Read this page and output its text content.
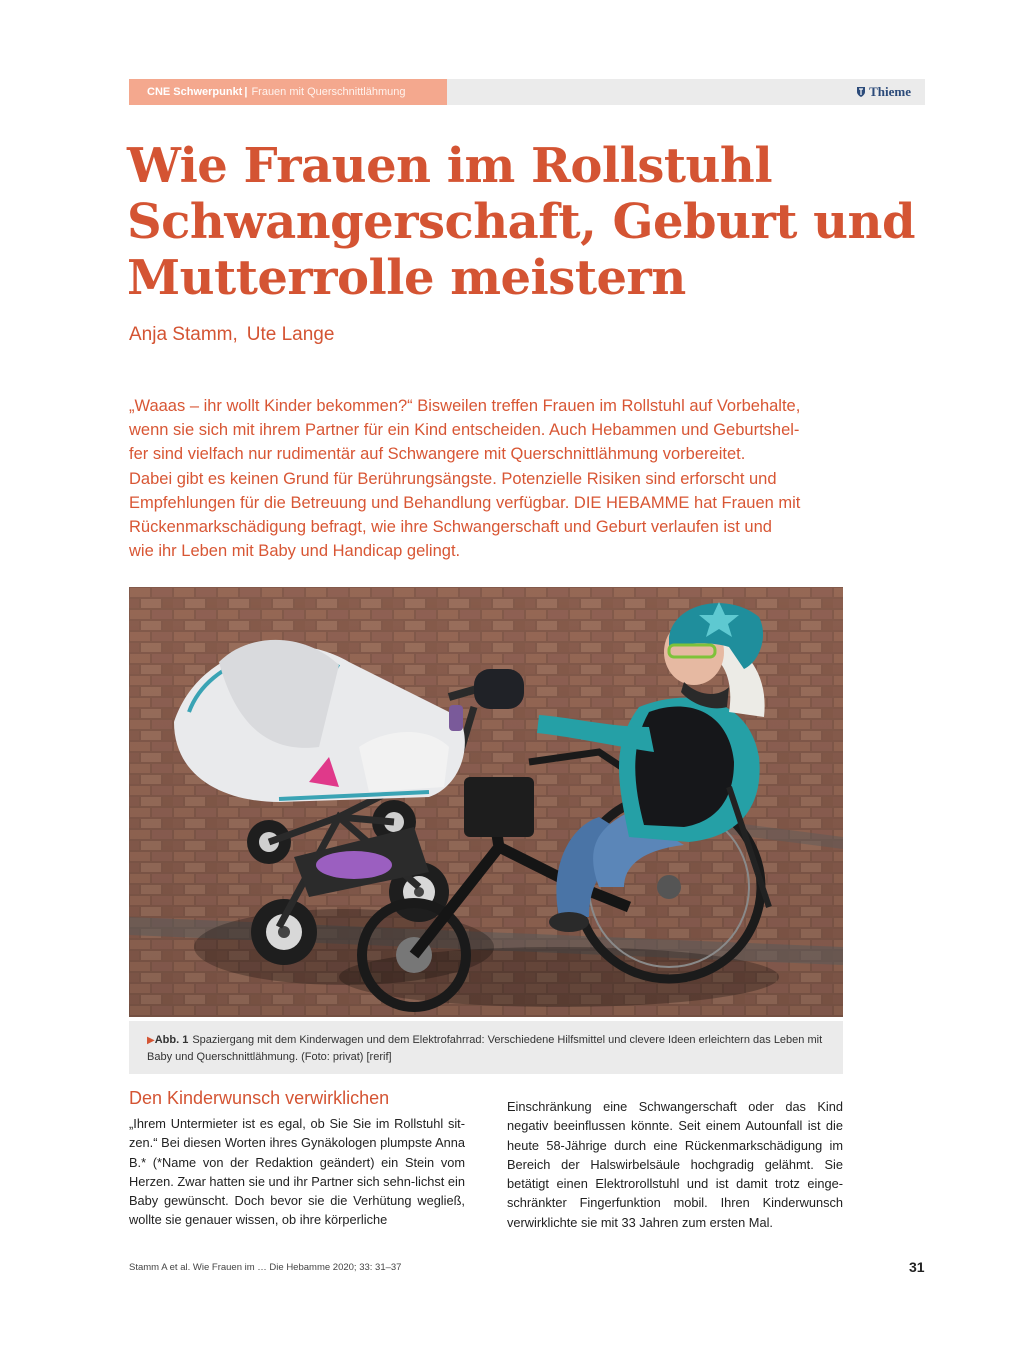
CNE Schwerpunkt | Frauen mit Querschnittlähmung	Thieme
Wie Frauen im Rollstuhl
Schwangerschaft, Geburt und
Mutterrolle meistern
Anja Stamm, Ute Lange

„Waaas – ihr wollt Kinder bekommen?“ Bisweilen treffen Frauen im Rollstuhl auf Vorbehalte,
wenn sie sich mit ihrem Partner für ein Kind entscheiden. Auch Hebammen und Geburtshel-
fer sind vielfach nur rudimentär auf Schwangere mit Querschnittlähmung vorbereitet.
Dabei gibt es keinen Grund für Berührungsängste. Potenzielle Risiken sind erforscht und
Empfehlungen für die Betreuung und Behandlung verfügbar. DIE HEBAMME hat Frauen mit
Rückenmarkschädigung befragt, wie ihre Schwangerschaft und Geburt verlaufen ist und
wie ihr Leben mit Baby und Handicap gelingt.

▶Abb. 1 Spaziergang mit dem Kinderwagen und dem Elektrofahrrad: Verschiedene Hilfsmittel und clevere Ideen erleichtern das Leben mit Baby und Querschnittlähmung. (Foto: privat) [rerif]
Den Kinderwunsch verwirklichen

„Ihrem Untermieter ist es egal, ob Sie Sie im Rollstuhl sit-zen.“ Bei diesen Worten ihres Gynäkologen plumpste Anna B.* (*Name von der Redaktion geändert) ein Stein vom Herzen. Zwar hatten sie und ihr Partner sich sehn-lichst ein Baby gewünscht. Doch bevor sie die Verhütung wegließ, wollte sie genauer wissen, ob ihre körperliche

Einschränkung eine Schwangerschaft oder das Kind negativ beeinflussen könnte. Seit einem Autounfall ist die heute 58-Jährige durch eine Rückenmarkschädigung im Bereich der Halswirbelsäule hochgradig gelähmt. Sie betätigt einen Elektrorollstuhl und ist damit trotz einge-schränkter Fingerfunktion mobil. Ihren Kinderwunsch verwirklichte sie mit 33 Jahren zum ersten Mal.

Stamm A et al. Wie Frauen im … Die Hebamme 2020; 33: 31–37	31
